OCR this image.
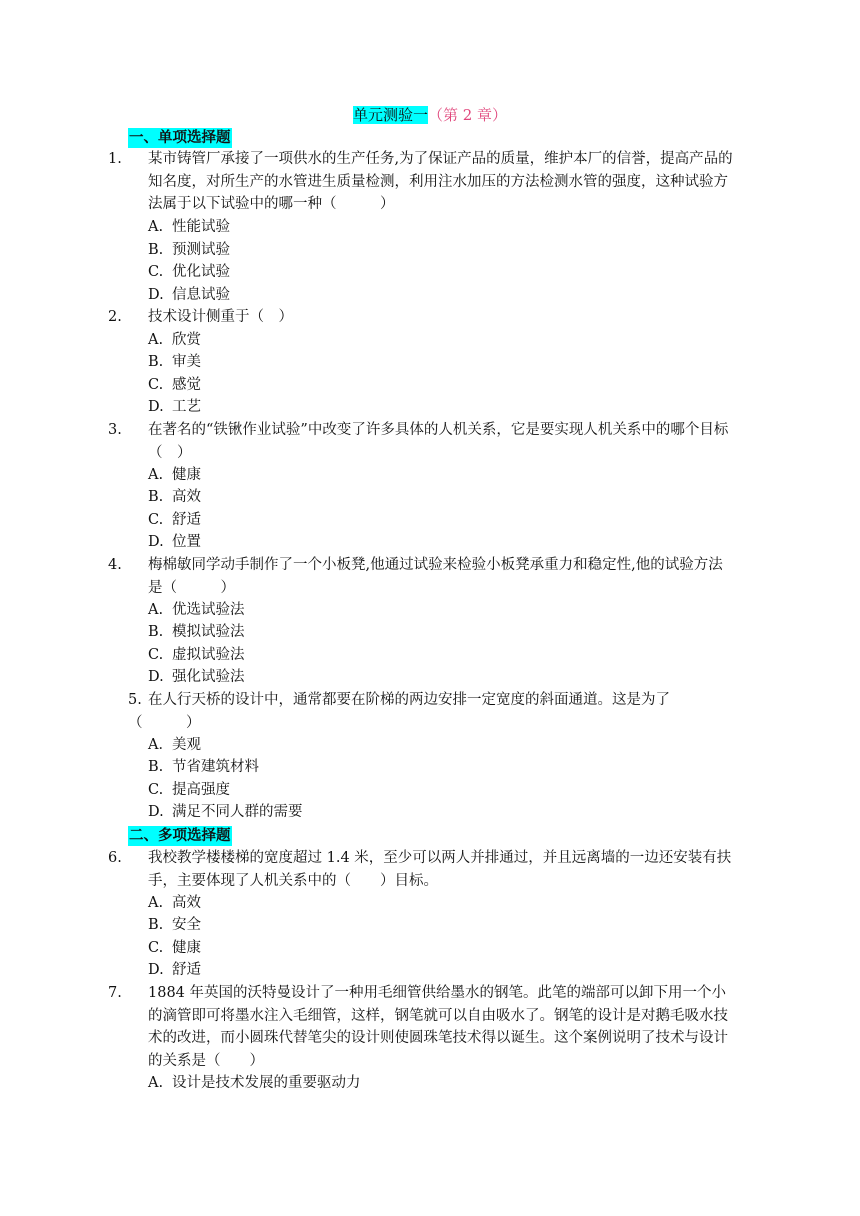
单元测验一（第 2 章）
一、单项选择题
1. 某市铸管厂承接了一项供水的生产任务,为了保证产品的质量，维护本厂的信誉，提高产品的知名度，对所生产的水管进生质量检测，利用注水加压的方法检测水管的强度，这种试验方法属于以下试验中的哪一种（　　　）
A. 性能试验
B. 预测试验
C. 优化试验
D. 信息试验
2. 技术设计侧重于（　）
A. 欣赏
B. 审美
C. 感觉
D. 工艺
3. 在著名的“铁锹作业试验”中改变了许多具体的人机关系，它是要实现人机关系中的哪个目标（　）
A. 健康
B. 高效
C. 舒适
D. 位置
4. 梅棉敏同学动手制作了一个小板凳,他通过试验来检验小板凳承重力和稳定性,他的试验方法是（　　　）
A. 优选试验法
B. 模拟试验法
C. 虚拟试验法
D. 强化试验法
5. 在人行天桥的设计中，通常都要在阶梯的两边安排一定宽度的斜面通道。这是为了（　　　）
A．美观
B. 节省建筑材料
C. 提高强度
D. 满足不同人群的需要
二、多项选择题
6. 我校教学楼楼梯的宽度超过 1.4 米，至少可以两人并排通过，并且远离墙的一边还安装有扶手，主要体现了人机关系中的（　　）目标。
A. 高效
B. 安全
C. 健康
D. 舒适
7. 1884 年英国的沃特曼设计了一种用毛细管供给墨水的钢笔。此笔的端部可以卸下用一个小的滴管即可将墨水注入毛细管，这样，钢笔就可以自由吸水了。钢笔的设计是对鹅毛吸水技术的改进，而小圆珠代替笔尖的设计则使圆珠笔技术得以诞生。这个案例说明了技术与设计的关系是（　　）
A. 设计是技术发展的重要驱动力
